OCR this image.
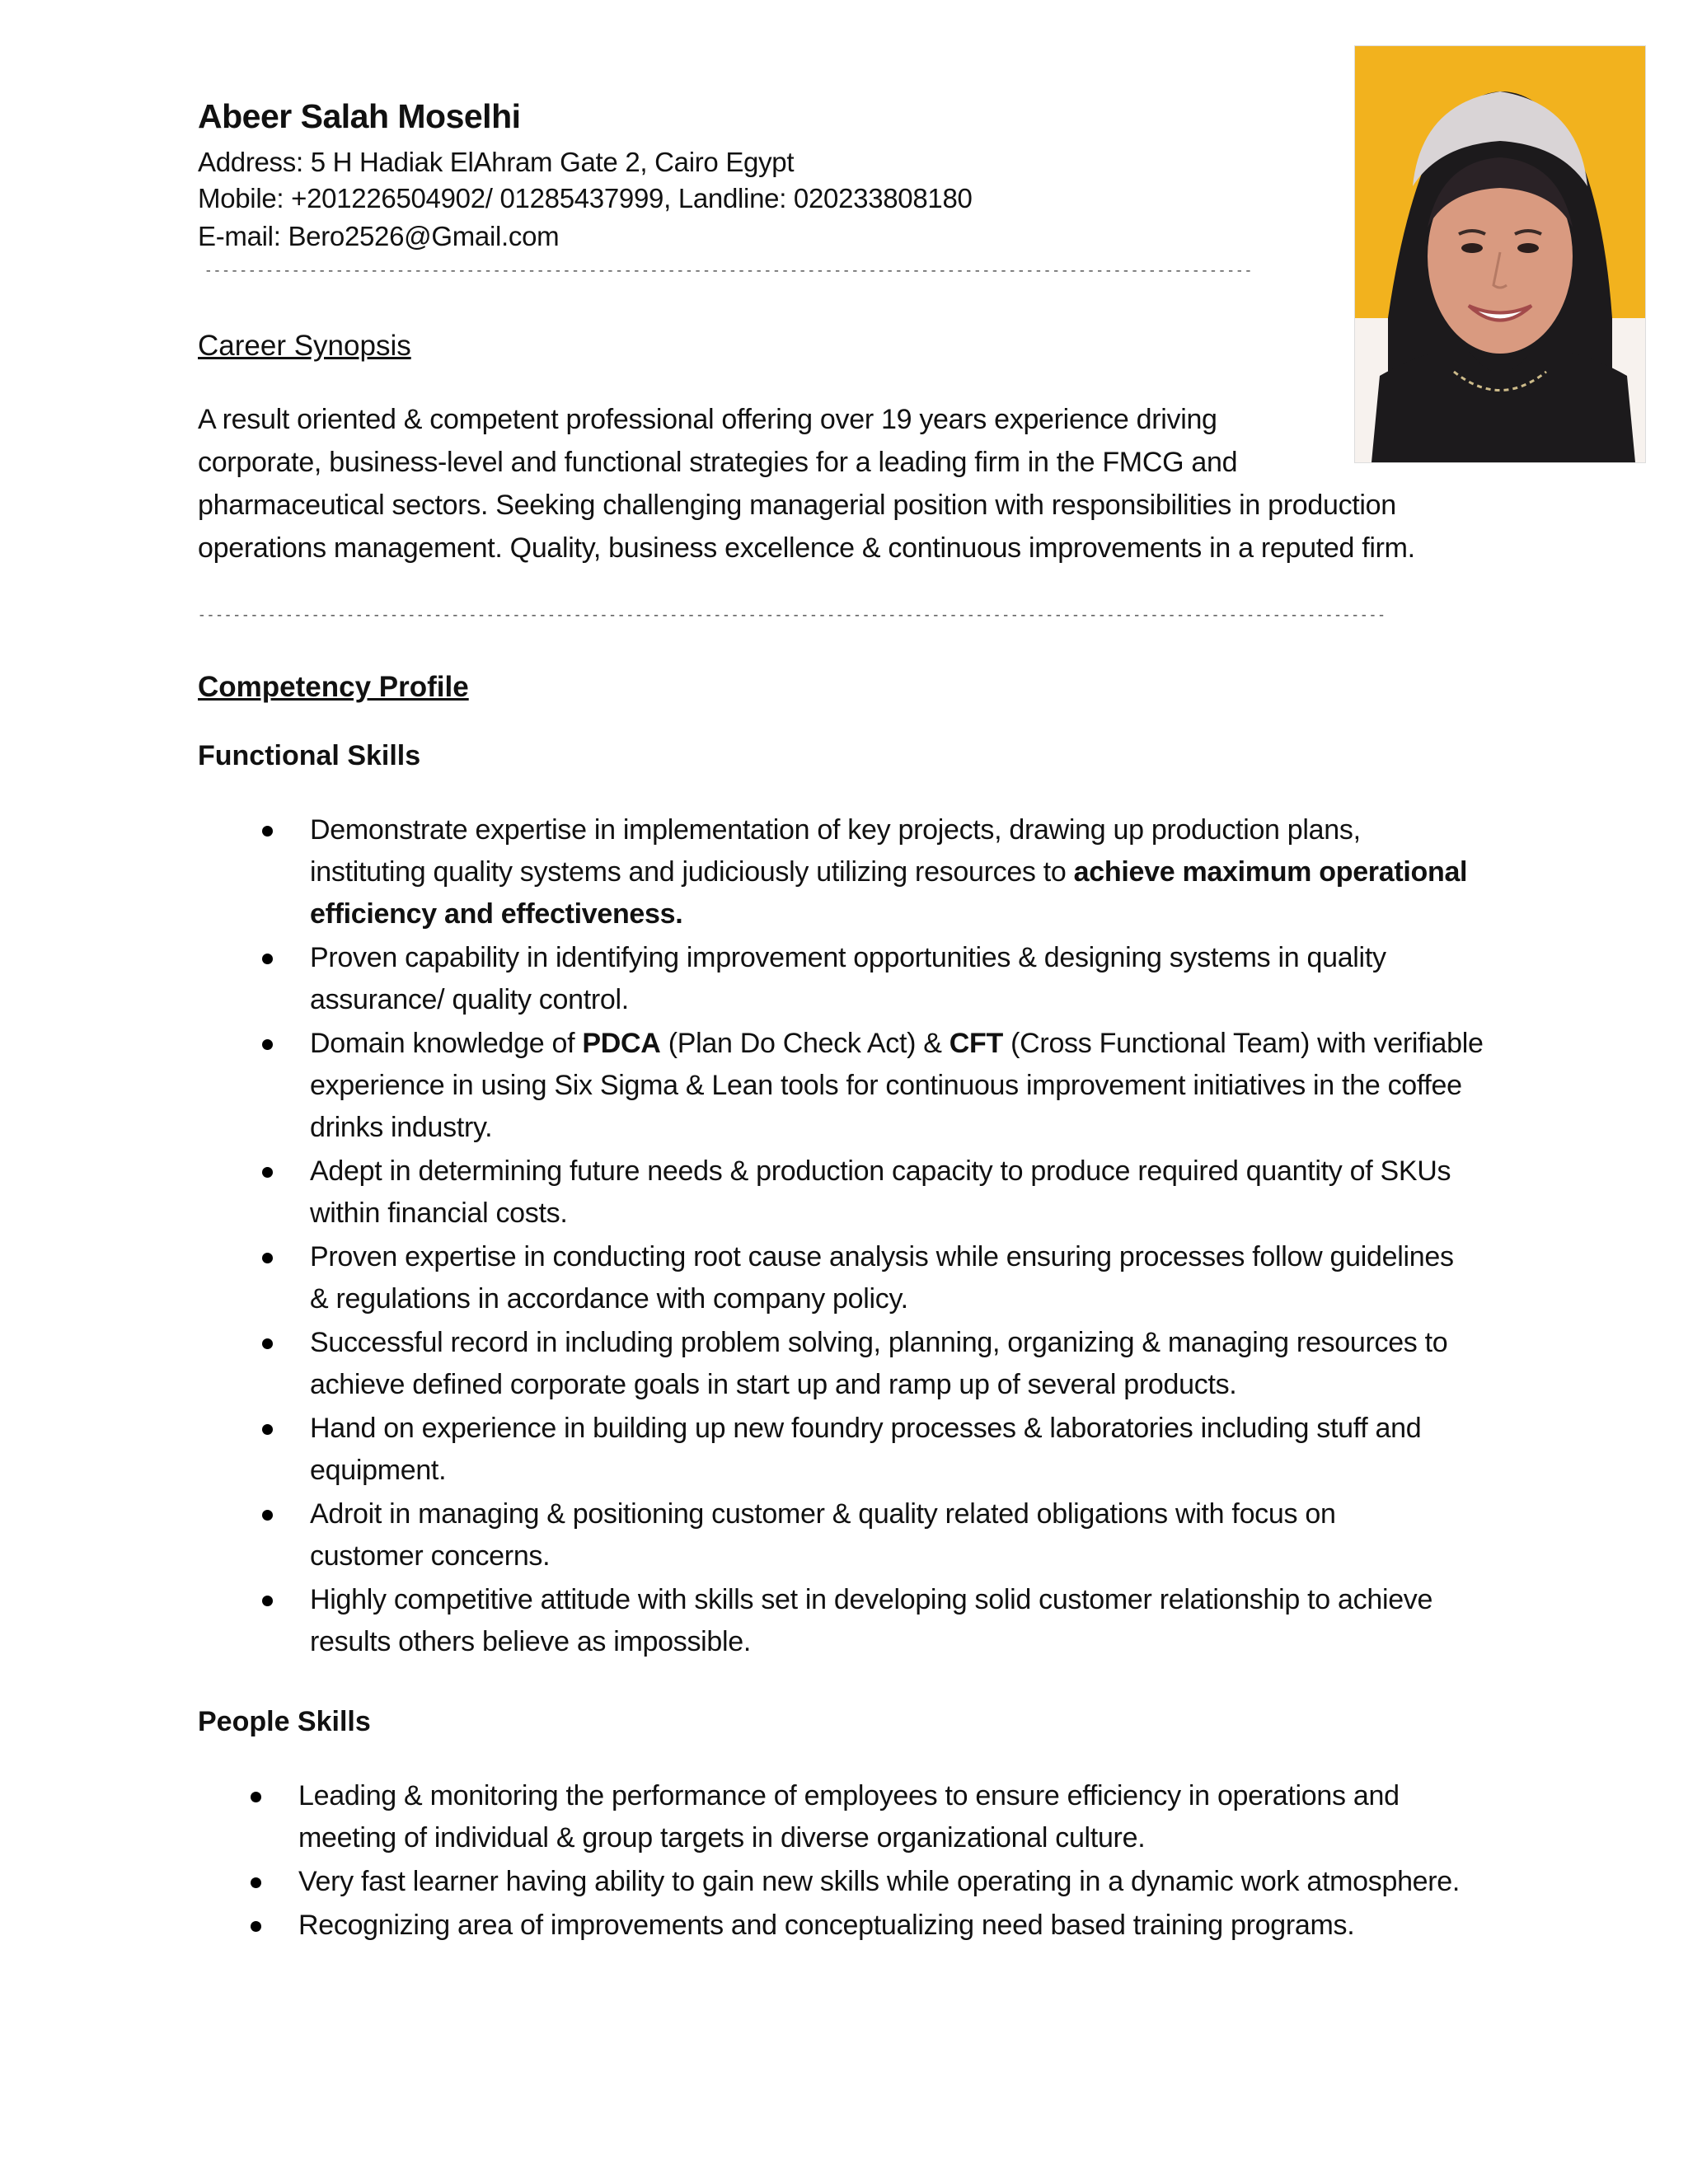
Abeer Salah Moselhi
Address: 5 H Hadiak ElAhram Gate 2, Cairo Egypt
Mobile: +201226504902/ 01285437999, Landline: 020233808180
E-mail: Bero2526@Gmail.com
------------------------------------------------------------------------------------------------------------------------
Career Synopsis
A result oriented & competent professional offering over 19 years experience driving
corporate, business-level and functional strategies for a leading firm in the FMCG and
pharmaceutical sectors. Seeking challenging managerial position with responsibilities in production
operations management. Quality, business excellence & continuous improvements in a reputed firm.
----------------------------------------------------------------------------------------------------------------------------------------
Competency Profile
Functional Skills
Demonstrate expertise in implementation of key projects, drawing up production plans,
instituting quality systems and judiciously utilizing resources to achieve maximum operational
efficiency and effectiveness.
Proven capability in identifying improvement opportunities & designing systems in quality
assurance/ quality control.
Domain knowledge of PDCA (Plan Do Check Act) & CFT (Cross Functional Team) with verifiable
experience in using Six Sigma & Lean tools for continuous improvement initiatives in the coffee
drinks industry.
Adept in determining future needs & production capacity to produce required quantity of SKUs
within financial costs.
Proven expertise in conducting root cause analysis while ensuring processes follow guidelines
& regulations in accordance with company policy.
Successful record in including problem solving, planning, organizing & managing resources to
achieve defined corporate goals in start up and ramp up of several products.
Hand on experience in building up new foundry processes & laboratories including stuff and
equipment.
Adroit in managing & positioning customer & quality related obligations with focus on
customer concerns.
Highly competitive attitude with skills set in developing solid customer relationship to achieve
results others believe as impossible.
People Skills
Leading & monitoring the performance of employees to ensure efficiency in operations and
meeting of individual & group targets in diverse organizational culture.
Very fast learner having ability to gain new skills while operating in a dynamic work atmosphere.
Recognizing area of improvements and conceptualizing need based training programs.
